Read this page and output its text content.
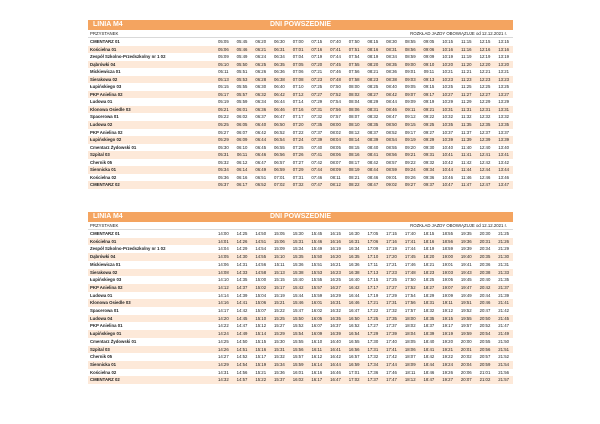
LINIA M4	DNI POWSZEDNIE
PRZYSTANEK	ROZKŁAD JAZDY OBOWIĄZUJE od 12.12.2021 r.
CMENTARZ 01	05:05	05:45	06:20	06:30	07:00	07:15	07:40	07:50	08:15	08:30	08:55	09:05	10:15	11:15	12:15	13:15
Kościelna 01	05:06	05:46	06:21	06:31	07:01	07:16	07:41	07:51	08:16	08:31	08:56	09:06	10:16	11:16	12:16	13:16
Zespół Szkolno-Przedszkolny nr 1 02	05:09	05:49	06:24	06:34	07:04	07:19	07:44	07:54	08:19	08:34	08:59	09:09	10:19	11:19	12:19	13:19
Dąbrówki 04	05:10	05:50	06:25	06:35	07:05	07:20	07:45	07:55	08:20	08:35	09:00	09:10	10:20	11:20	12:20	13:20
Mickiewicza 01	05:11	05:51	06:26	06:36	07:06	07:21	07:46	07:56	08:21	08:36	09:01	09:11	10:21	11:21	12:21	13:21
Sierakowa 02	05:13	05:53	06:28	06:38	07:08	07:23	07:48	07:58	08:23	08:38	09:03	09:13	10:23	11:23	12:23	13:23
Łupińskiego 03	05:15	05:55	06:30	06:40	07:10	07:25	07:50	08:00	08:25	08:40	09:05	09:15	10:25	11:25	12:25	13:25
PKP Anielina 02	05:17	05:57	06:32	06:42	07:12	07:27	07:52	08:02	08:27	08:42	09:07	09:17	10:27	11:27	12:27	13:27
Ludowa 01	05:19	05:59	06:34	06:44	07:14	07:29	07:54	08:04	08:29	08:44	09:09	09:19	10:29	11:29	12:29	13:29
Klonowa Osiedle 03	05:21	06:01	06:36	06:46	07:16	07:31	07:56	08:06	08:31	08:46	09:11	09:21	10:31	11:31	12:31	13:31
Spacerowa 01	05:22	06:02	06:37	06:47	07:17	07:32	07:57	08:07	08:32	08:47	09:12	09:22	10:32	11:32	12:32	13:32
Ludowa 02	05:25	06:05	06:40	06:50	07:20	07:35	08:00	08:10	08:35	08:50	09:15	09:25	10:35	11:35	12:35	13:35
PKP Anielina 02	05:27	06:07	06:42	06:52	07:22	07:37	08:02	08:12	08:37	08:52	09:17	09:27	10:37	11:37	12:37	13:37
Łupińskiego 02	05:29	06:09	06:44	06:54	07:24	07:39	08:04	08:14	08:39	08:54	09:19	09:29	10:39	11:39	12:39	13:39
Cmentarz Żydowski 01	05:30	06:10	06:45	06:55	07:25	07:40	08:05	08:15	08:40	08:55	09:20	09:30	10:40	11:40	12:40	13:40
Szpital 03	05:31	06:11	06:46	06:56	07:26	07:41	08:06	08:16	08:41	08:56	09:21	09:31	10:41	11:41	12:41	13:41
Chernik 05	05:32	06:12	06:47	06:57	07:27	07:42	08:07	08:17	08:42	08:57	09:22	09:32	10:42	11:42	12:42	13:42
Siennicka 01	05:34	06:14	06:49	06:59	07:29	07:44	08:09	08:19	08:44	08:59	09:24	09:34	10:44	11:44	12:44	13:44
Kościelna 02	05:36	06:16	06:51	07:01	07:31	07:46	08:11	08:21	08:46	09:01	09:26	09:36	10:46	11:46	12:46	13:46
CMENTARZ 02	05:37	06:17	06:52	07:02	07:32	07:47	08:12	08:22	08:47	09:02	09:27	09:37	10:47	11:47	12:47	13:47
LINIA M4	DNI POWSZEDNIE
PRZYSTANEK	ROZKŁAD JAZDY OBOWIĄZUJE od 12.12.2021 r.
CMENTARZ 01	14:00	14:25	14:50	15:05	15:30	15:45	16:15	16:30	17:05	17:15	17:40	18:15	18:55	19:35	20:30	21:25
Kościelna 01	14:01	14:26	14:51	15:06	15:31	15:46	16:16	16:31	17:06	17:16	17:41	18:16	18:56	19:36	20:31	21:26
Zespół Szkolno-Przedszkolny nr 1 02	14:04	14:29	14:54	15:09	15:34	15:49	16:19	16:34	17:09	17:19	17:44	18:19	18:59	19:39	20:34	21:29
Dąbrówki 04	14:05	14:30	14:55	15:10	15:35	15:50	16:20	16:35	17:10	17:20	17:45	18:20	19:00	19:40	20:35	21:30
Mickiewicza 01	14:06	14:31	14:56	15:11	15:36	15:51	16:21	16:36	17:11	17:21	17:46	18:21	19:01	19:41	20:36	21:31
Sierakowa 02	14:08	14:33	14:58	15:13	15:38	15:53	16:23	16:38	17:13	17:23	17:48	18:23	19:03	19:43	20:38	21:33
Łupińskiego 03	14:10	14:35	15:00	15:15	15:40	15:55	16:25	16:40	17:15	17:25	17:50	18:25	19:05	19:45	20:40	21:35
PKP Anielina 02	14:12	14:37	15:02	15:17	15:42	15:57	16:27	16:42	17:17	17:27	17:52	18:27	19:07	19:47	20:42	21:37
Ludowa 01	14:14	14:39	15:04	15:19	15:44	15:59	16:29	16:44	17:19	17:29	17:54	18:29	19:09	19:49	20:44	21:39
Klonowa Osiedle 03	14:16	14:41	15:06	15:21	15:46	16:01	16:31	16:46	17:21	17:31	17:56	18:31	19:11	19:51	20:46	21:41
Spacerowa 01	14:17	14:42	15:07	15:22	15:47	16:02	16:32	16:47	17:22	17:32	17:57	18:32	19:12	19:52	20:47	21:42
Ludowa 04	14:20	14:45	15:10	15:25	15:50	16:05	16:35	16:50	17:25	17:35	18:00	18:35	19:15	19:55	20:50	21:45
PKP Anielina 01	14:22	14:47	15:12	15:27	15:52	16:07	16:37	16:52	17:27	17:37	18:02	18:37	19:17	19:57	20:52	21:47
Łupińskiego 01	14:24	14:49	15:14	15:29	15:54	16:09	16:39	16:54	17:29	17:39	18:04	18:39	19:19	19:59	20:54	21:49
Cmentarz Żydowski 01	14:25	14:50	15:15	15:30	15:55	16:10	16:40	16:55	17:30	17:40	18:05	18:40	19:20	20:00	20:55	21:50
Szpital 03	14:26	14:51	15:16	15:31	15:56	16:11	16:41	16:56	17:31	17:41	18:06	18:41	19:21	20:01	20:56	21:51
Chernik 05	14:27	14:52	15:17	15:32	15:57	16:12	16:42	16:57	17:32	17:42	18:07	18:42	19:22	20:02	20:57	21:52
Siennicka 01	14:29	14:54	15:19	15:34	15:59	16:14	16:44	16:59	17:34	17:44	18:09	18:44	19:24	20:04	20:59	21:54
Kościelna 02	14:31	14:56	15:21	15:36	16:01	16:16	16:46	17:01	17:36	17:46	18:11	18:46	19:26	20:06	21:01	21:56
CMENTARZ 02	14:32	14:57	15:22	15:37	16:02	16:17	16:47	17:02	17:37	17:47	18:12	18:47	19:27	20:07	21:02	21:57
